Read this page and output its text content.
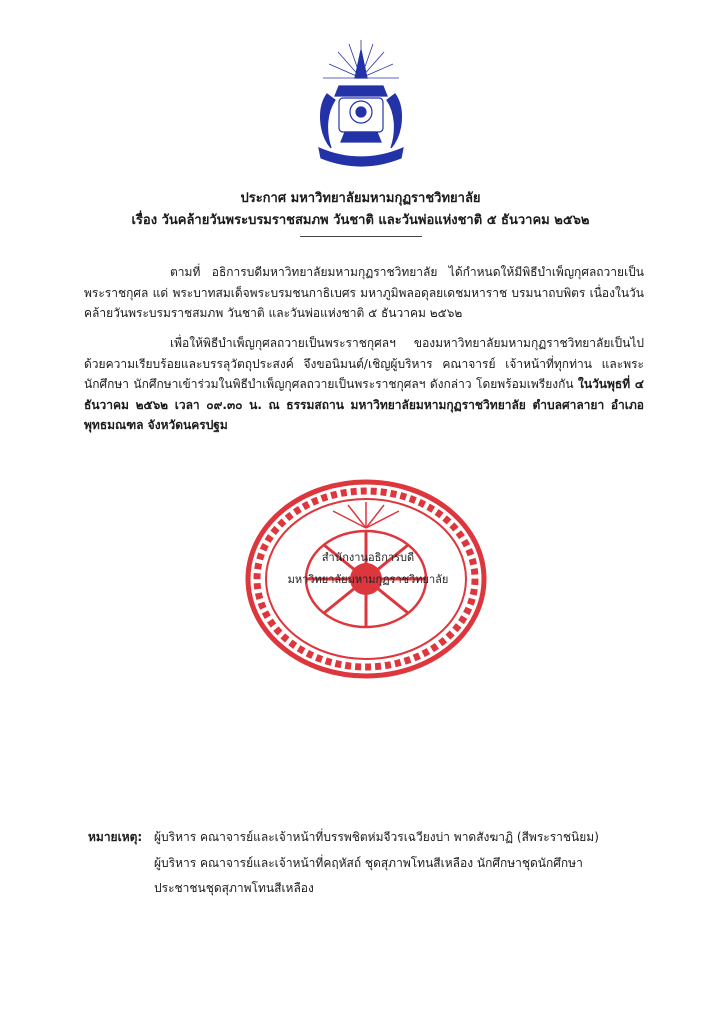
ประกาศ มหาวิทยาลัยมหามกุฏราชวิทยาลัย
เรื่อง วันคล้ายวันพระบรมราชสมภพ วันชาติ และวันพ่อแห่งชาติ ๕ ธันวาคม ๒๕๖๒

ตามที่ อธิการบดีมหาวิทยาลัยมหามกุฏราชวิทยาลัย ได้กำหนดให้มีพิธีบำเพ็ญกุศลถวายเป็นพระราชกุศล แด่ พระบาทสมเด็จพระบรมชนกาธิเบศร มหาภูมิพลอดุลยเดชมหาราช บรมนาถบพิตร เนื่องในวันคล้ายวันพระบรมราชสมภพ วันชาติ และวันพ่อแห่งชาติ ๕ ธันวาคม ๒๕๖๒

เพื่อให้พิธีบำเพ็ญกุศลถวายเป็นพระราชกุศลฯ ของมหาวิทยาลัยมหามกุฏราชวิทยาลัยเป็นไปด้วยความเรียบร้อยและบรรลุวัตถุประสงค์ จึงขอนิมนต์/เชิญผู้บริหาร คณาจารย์ เจ้าหน้าที่ทุกท่าน และพระนักศึกษา นักศึกษาเข้าร่วมในพิธีบำเพ็ญกุศลถวายเป็นพระราชกุศลฯ ดังกล่าว โดยพร้อมเพรียงกัน ในวันพุธที่ ๔ ธันวาคม ๒๕๖๒ เวลา ๐๙.๓๐ น. ณ ธรรมสถาน มหาวิทยาลัยมหามกุฏราชวิทยาลัย ตำบลศาลายา อำเภอพุทธมณฑล จังหวัดนครปฐม

สำนักงานอธิการบดี
มหาวิทยาลัยมหามกุฏราชวิทยาลัย
หมายเหตุ: ผู้บริหาร คณาจารย์และเจ้าหน้าที่บรรพชิตห่มจีวรเฉวียงบ่า พาดสังฆาฏิ (สีพระราชนิยม)
ผู้บริหาร คณาจารย์และเจ้าหน้าที่คฤหัสถ์ ชุดสุภาพโทนสีเหลือง นักศึกษาชุดนักศึกษา
ประชาชนชุดสุภาพโทนสีเหลือง
